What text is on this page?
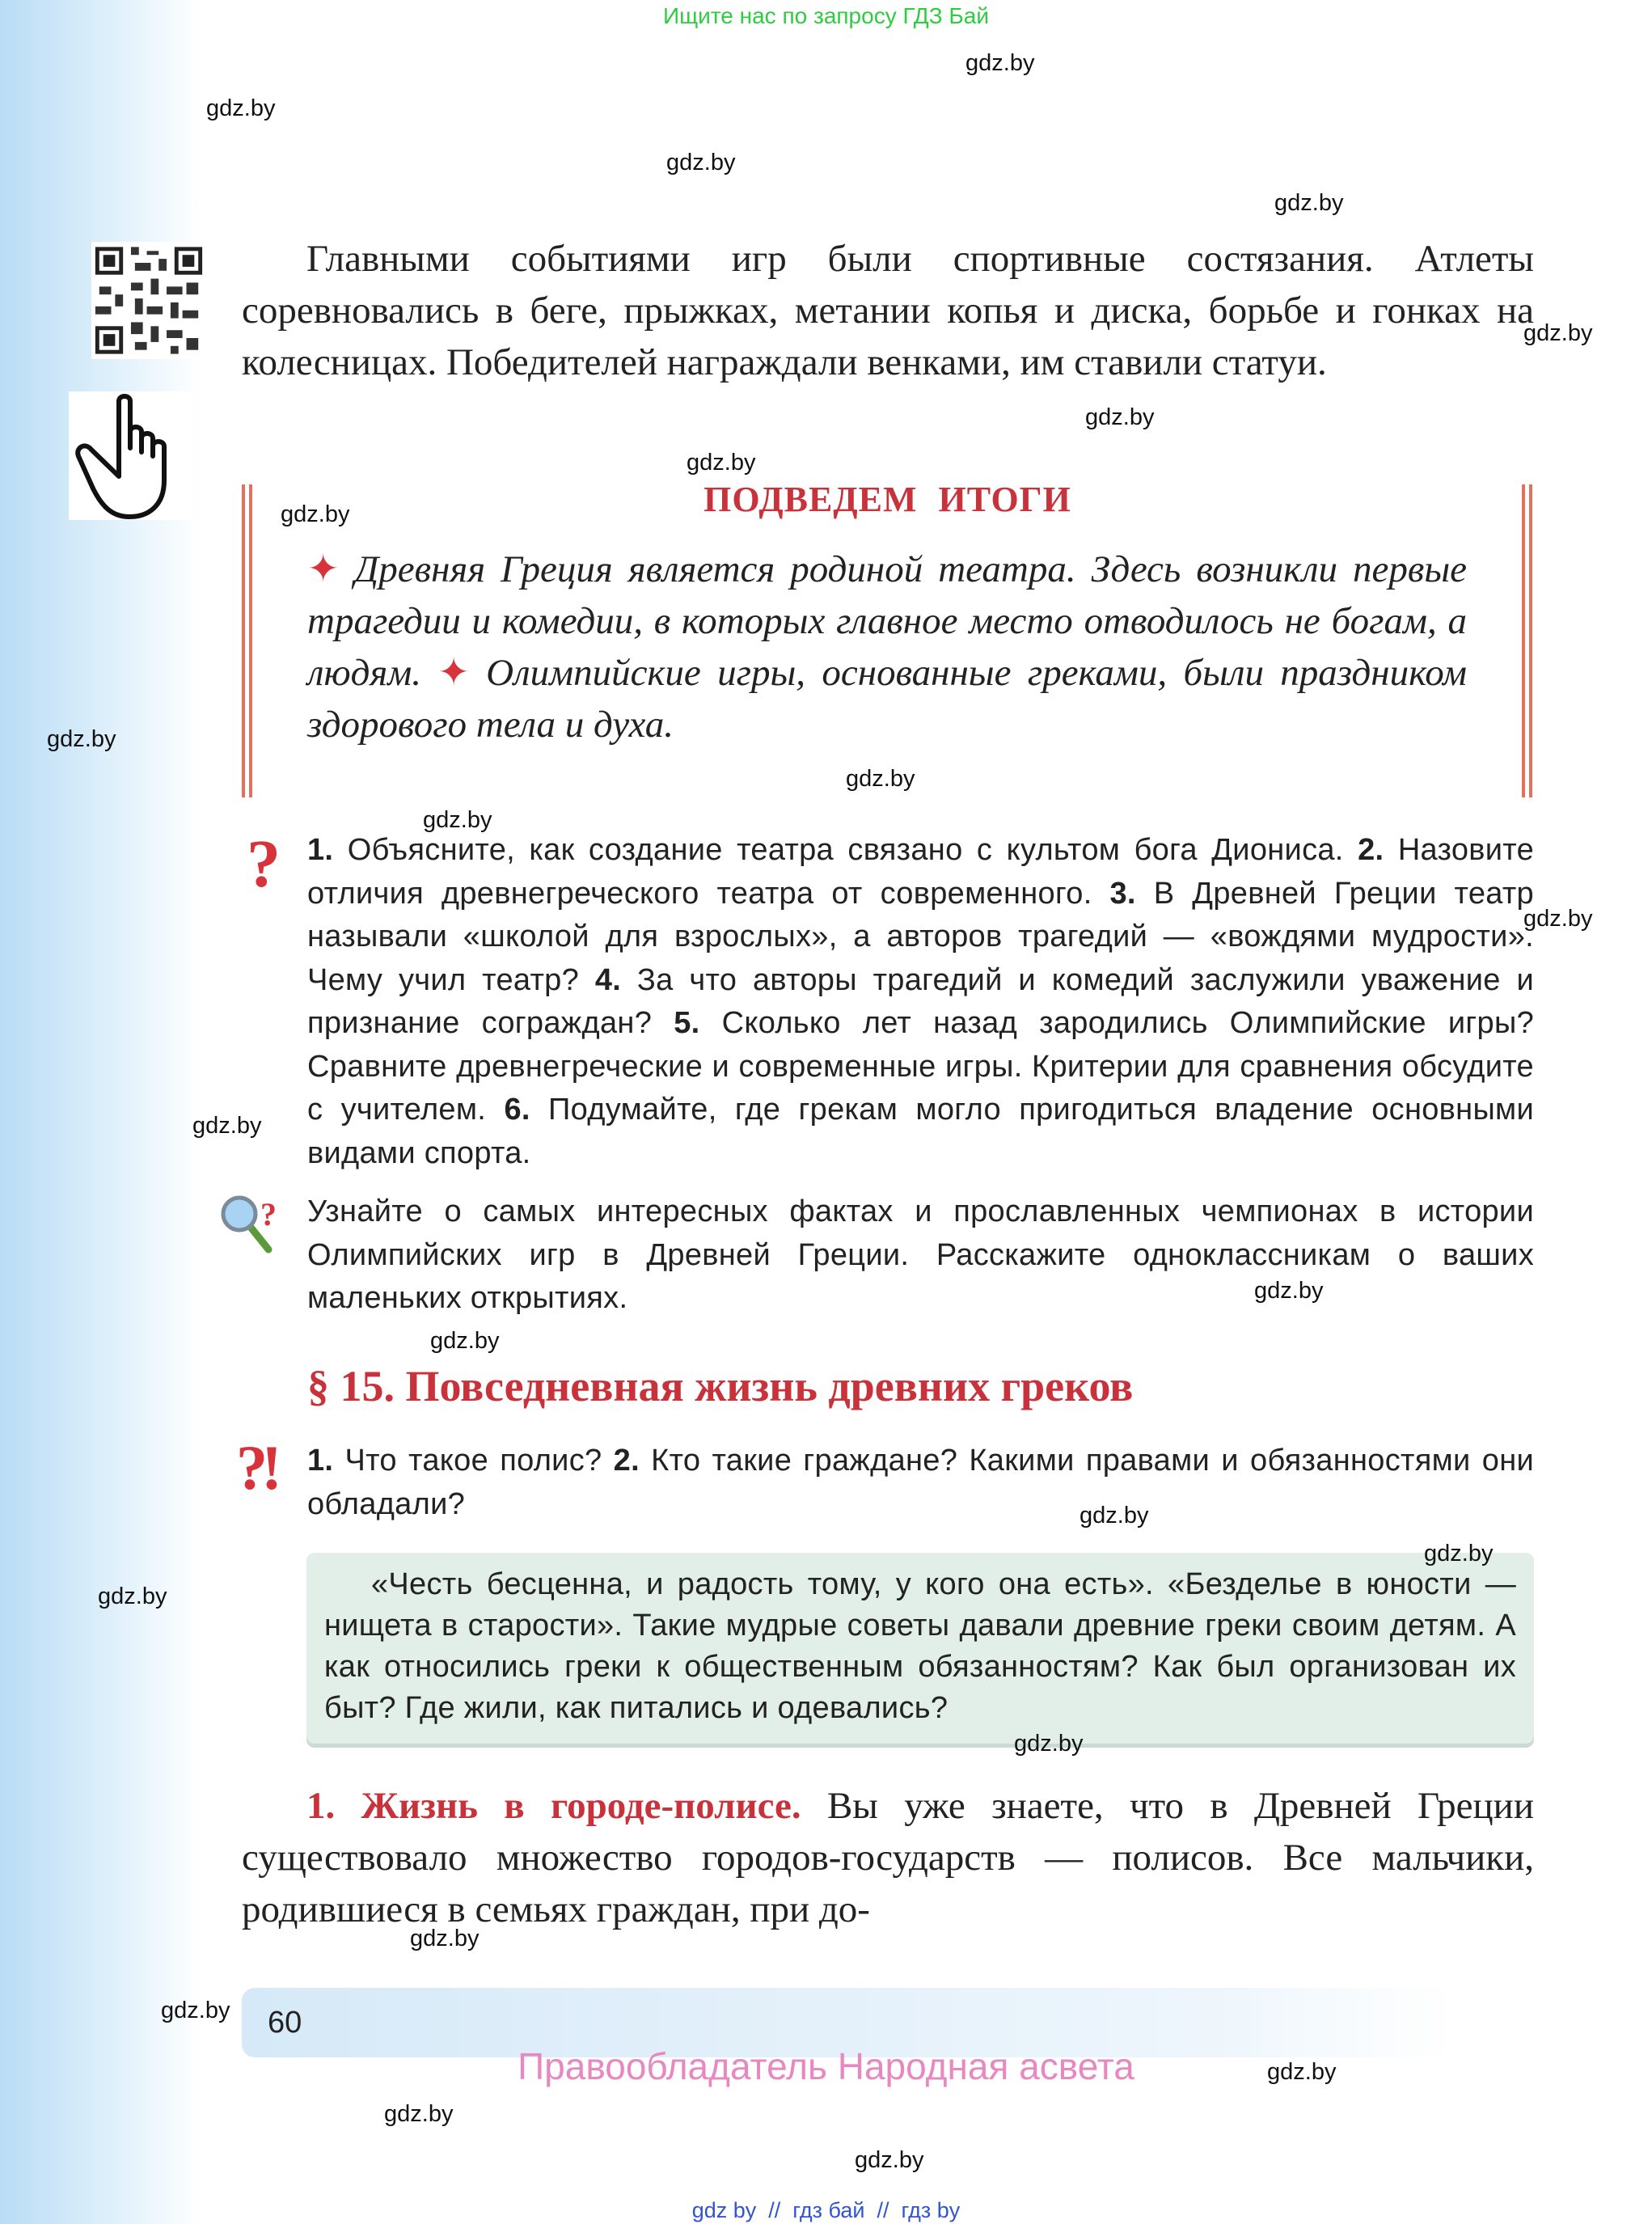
Ищите нас по запросу ГДЗ Бай
Главными событиями игр были спортивные состязания. Атлеты соревновались в беге, прыжках, метании копья и диска, борьбе и гонках на колесницах. Победителей награждали венками, им ставили статуи.
ПОДВЕДЕМ ИТОГИ
✦ Древняя Греция является родиной театра. Здесь возникли первые трагедии и комедии, в которых главное место отводилось не богам, а людям. ✦ Олимпийские игры, основанные греками, были праздником здорового тела и духа.
? 1. Объясните, как создание театра связано с культом бога Диониса. 2. Назовите отличия древнегреческого театра от современного. 3. В Древней Греции театр называли «школой для взрослых», а авторов трагедий — «вождями мудрости». Чему учил театр? 4. За что авторы трагедий и комедий заслужили уважение и признание сограждан? 5. Сколько лет назад зародились Олимпийские игры? Сравните древнегреческие и современные игры. Критерии для сравнения обсудите с учителем. 6. Подумайте, где грекам могло пригодиться владение основными видами спорта.
? Узнайте о самых интересных фактах и прославленных чемпионах в истории Олимпийских игр в Древней Греции. Расскажите одноклассникам о ваших маленьких открытиях.
§ 15. Повседневная жизнь древних греков
?! 1. Что такое полис? 2. Кто такие граждане? Какими правами и обязанностями они обладали?
«Честь бесценна, и радость тому, у кого она есть». «Безделье в юности — нищета в старости». Такие мудрые советы давали древние греки своим детям. А как относились греки к общественным обязанностям? Как был организован их быт? Где жили, как питались и одевались?
1. Жизнь в городе-полисе. Вы уже знаете, что в Древней Греции существовало множество городов-государств — полисов. Все мальчики, родившиеся в семьях граждан, при до-
60
Правообладатель Народная асвета
gdz by  //  гдз бай  //  гдз by
gdz.by
gdz.by
gdz.by
gdz.by
gdz.by
gdz.by
gdz.by
gdz.by
gdz.by
gdz.by
gdz.by
gdz.by
gdz.by
gdz.by
gdz.by
gdz.by
gdz.by
gdz.by
gdz.by
gdz.by
gdz.by
gdz.by
gdz.by
gdz.by
